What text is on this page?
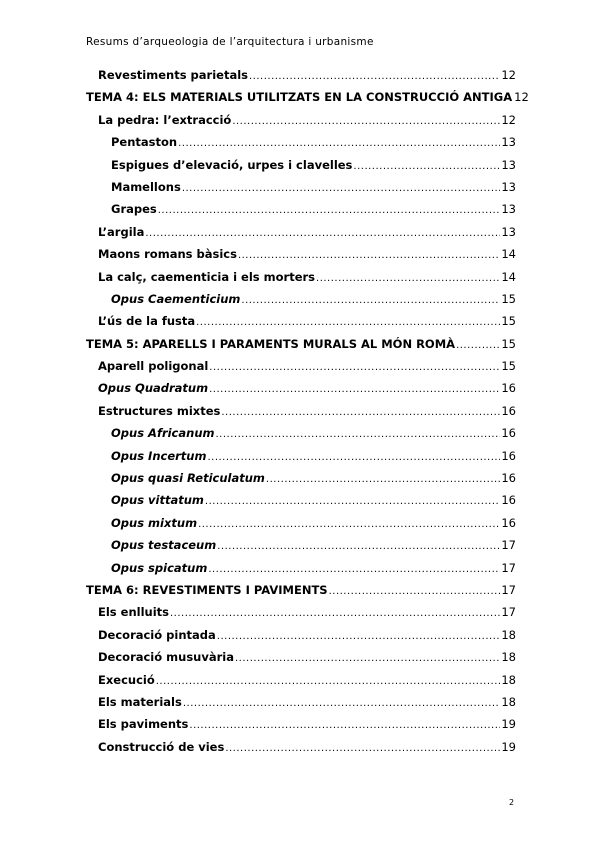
Resums d’arqueologia de l’arquitectura i urbanisme
Revestiments parietals .....	12
TEMA 4: ELS MATERIALS UTILITZATS EN LA CONSTRUCCIÓ ANTIGA 12
La pedra: l’extracció .....	12
Pentaston .....	13
Espigues d’elevació, urpes i clavelles .....	13
Mamellons .....	13
Grapes .....	13
L’argila .....	13
Maons romans bàsics .....	14
La calç, caementicia i els morters .....	14
Opus Caementicium .....	15
L’ús de la fusta .....	15
TEMA 5: APARELLS I PARAMENTS MURALS AL MÓN ROMÀ .....	15
Aparell poligonal .....	15
Opus Quadratum .....	16
Estructures mixtes .....	16
Opus Africanum .....	16
Opus Incertum .....	16
Opus quasi Reticulatum .....	16
Opus vittatum .....	16
Opus mixtum .....	16
Opus testaceum .....	17
Opus spicatum .....	17
TEMA 6: REVESTIMENTS I PAVIMENTS .....	17
Els enlluits .....	17
Decoració pintada .....	18
Decoració musuvària .....	18
Execució .....	18
Els materials .....	18
Els paviments .....	19
Construcció de vies .....	19
2
